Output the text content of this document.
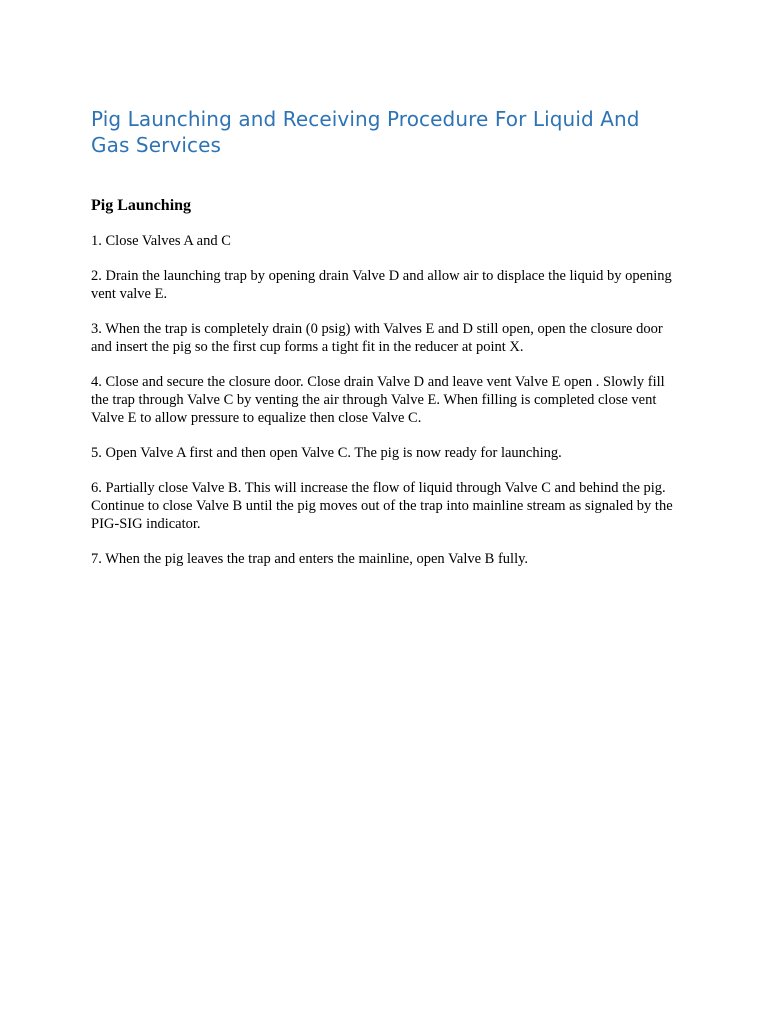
Pig Launching and Receiving Procedure For Liquid And Gas Services
Pig Launching
1. Close Valves A and C
2. Drain the launching trap by opening drain Valve D and allow air to displace the liquid by opening vent valve E.
3. When the trap is completely drain (0 psig) with Valves E and D still open, open the closure door and insert the pig so the first cup forms a tight fit in the reducer at point X.
4. Close and secure the closure door. Close drain Valve D and leave vent Valve E open . Slowly fill the trap through Valve C by venting the air through Valve E. When filling is completed close vent Valve E to allow pressure to equalize then close Valve C.
5. Open Valve A first and then open Valve C. The pig is now ready for launching.
6. Partially close Valve B. This will increase the flow of liquid through Valve C and behind the pig. Continue to close Valve B until the pig moves out of the trap into mainline stream as signaled by the PIG-SIG indicator.
7. When the pig leaves the trap and enters the mainline, open Valve B fully.
